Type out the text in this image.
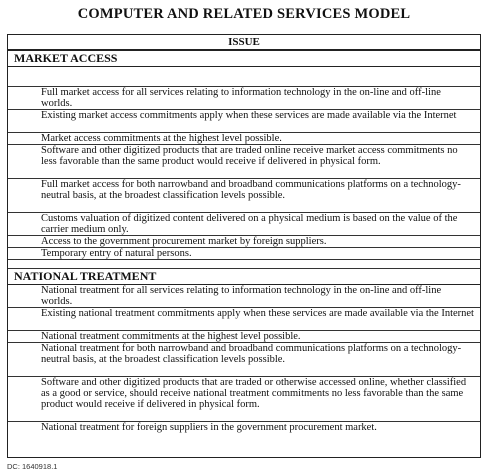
COMPUTER AND RELATED SERVICES MODEL
ISSUE
MARKET ACCESS
Full market access for all services relating to information technology in the on-line and off-line worlds.
Existing market access commitments apply when these services are made available via the Internet
Market access commitments at the highest level possible.
Software and other digitized products that are traded online receive market access commitments no less favorable than the same product would receive if delivered in physical form.
Full market access for both narrowband and broadband communications platforms on a technology-neutral basis, at the broadest classification levels possible.
Customs valuation of digitized content delivered on a physical medium is based on the value of the carrier medium only.
Access to the government procurement market by foreign suppliers.
Temporary entry of natural persons.
NATIONAL TREATMENT
National treatment for all services relating to information technology in the on-line and off-line worlds.
Existing national treatment commitments apply when these services are made available via the Internet
National treatment commitments at the highest level possible.
National treatment for both narrowband and broadband communications platforms on a technology-neutral basis, at the broadest classification levels possible.
Software and other digitized products that are traded or otherwise accessed online, whether classified as a good or service, should receive national treatment commitments no less favorable than the same product would receive if delivered in physical form.
National treatment for foreign suppliers in the government procurement market.
DC: 1640918.1
